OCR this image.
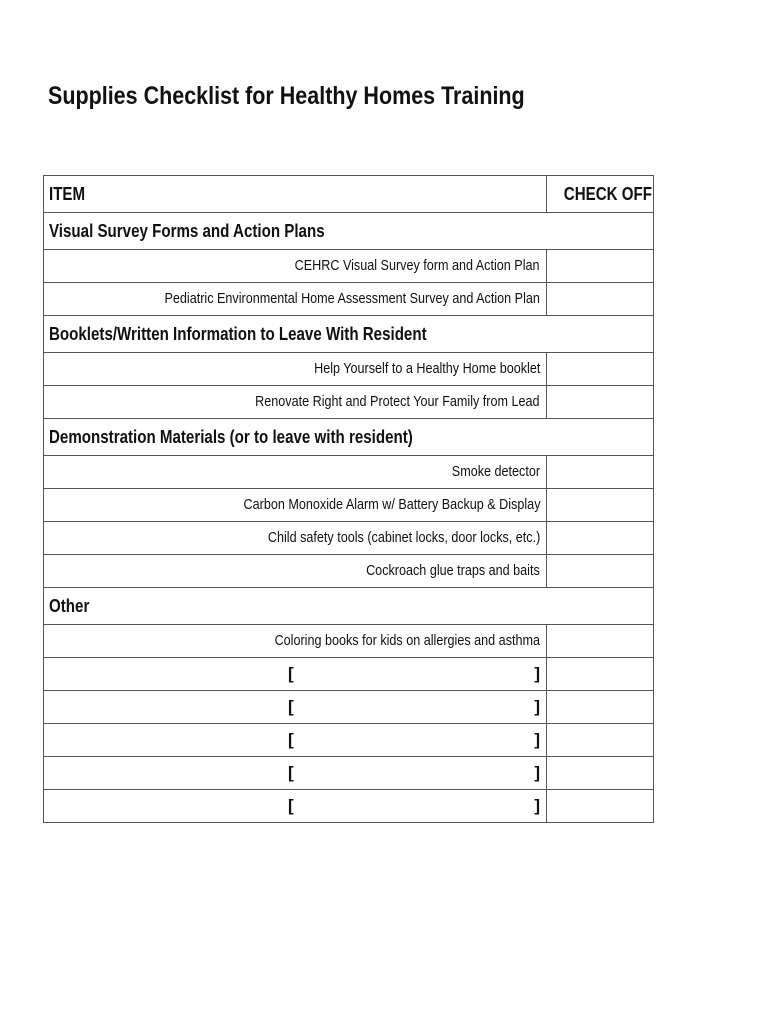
Supplies Checklist for Healthy Homes Training
ITEM	CHECK OFF
Visual Survey Forms and Action Plans	
CEHRC Visual Survey form and Action Plan	
Pediatric Environmental Home Assessment Survey and Action Plan	
Booklets/Written Information to Leave With Resident	
Help Yourself to a Healthy Home booklet	
Renovate Right and Protect Your Family from Lead	
Demonstration Materials (or to leave with resident)	
Smoke detector	
Carbon Monoxide Alarm w/ Battery Backup & Display	
Child safety tools (cabinet locks, door locks, etc.)	
Cockroach glue traps and baits	
Other	
Coloring books for kids on allergies and asthma	

[ ]	

[ ]	

[ ]	

[ ]	

[ ]	
